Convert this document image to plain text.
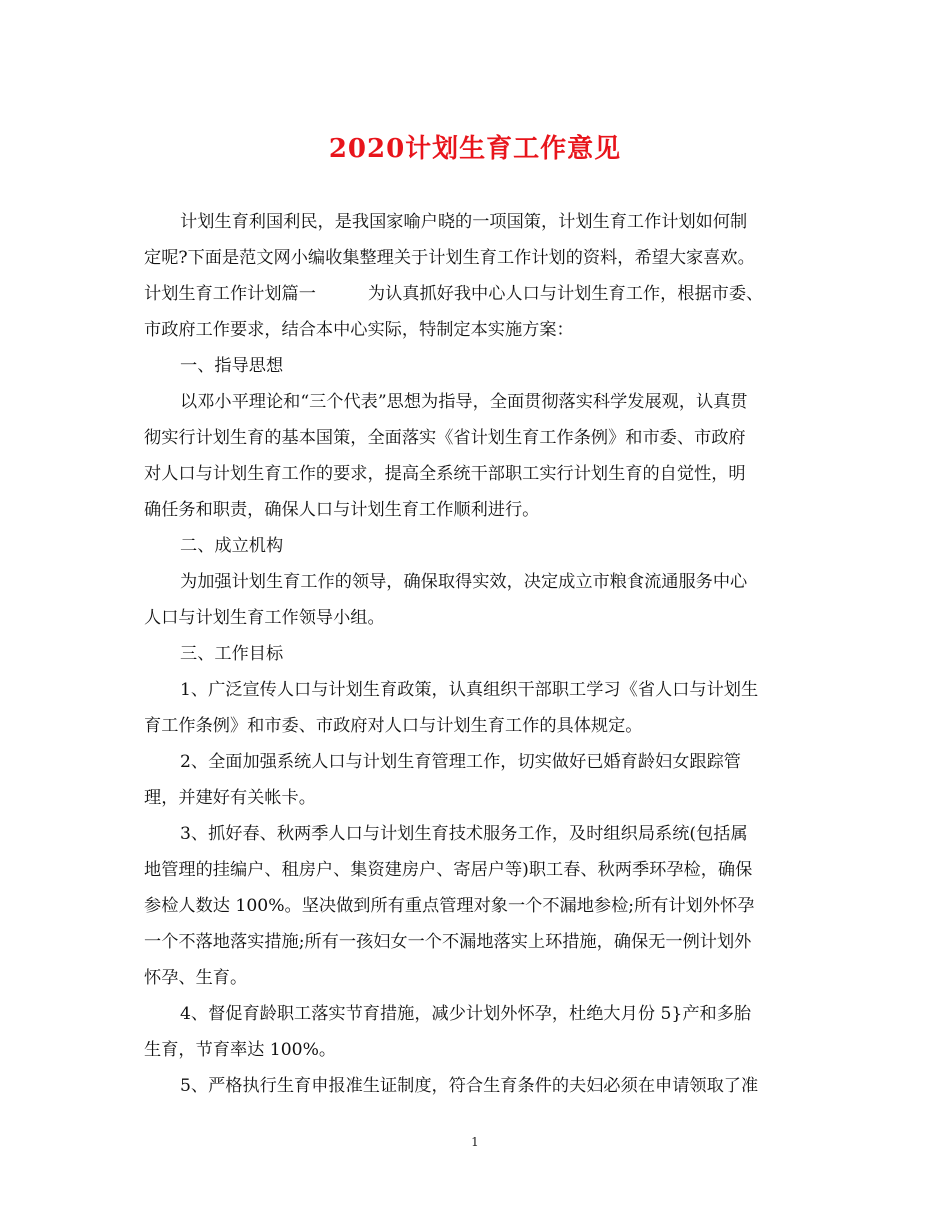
2020计划生育工作意见
计划生育利国利民，是我国家喻户晓的一项国策，计划生育工作计划如何制
定呢?下面是范文网小编收集整理关于计划生育工作计划的资料，希望大家喜欢。
计划生育工作计划篇一	为认真抓好我中心人口与计划生育工作，根据市委、
市政府工作要求，结合本中心实际，特制定本实施方案：
一、指导思想
以邓小平理论和“三个代表”思想为指导，全面贯彻落实科学发展观，认真贯
彻实行计划生育的基本国策，全面落实《省计划生育工作条例》和市委、市政府
对人口与计划生育工作的要求，提高全系统干部职工实行计划生育的自觉性，明
确任务和职责，确保人口与计划生育工作顺利进行。
二、成立机构
为加强计划生育工作的领导，确保取得实效，决定成立市粮食流通服务中心
人口与计划生育工作领导小组。
三、工作目标
1、广泛宣传人口与计划生育政策，认真组织干部职工学习《省人口与计划生
育工作条例》和市委、市政府对人口与计划生育工作的具体规定。
2、全面加强系统人口与计划生育管理工作，切实做好已婚育龄妇女跟踪管
理，并建好有关帐卡。
3、抓好春、秋两季人口与计划生育技术服务工作，及时组织局系统(包括属
地管理的挂编户、租房户、集资建房户、寄居户等)职工春、秋两季环孕检，确保
参检人数达 100%。坚决做到所有重点管理对象一个不漏地参检;所有计划外怀孕
一个不落地落实措施;所有一孩妇女一个不漏地落实上环措施，确保无一例计划外
怀孕、生育。
4、督促育龄职工落实节育措施，减少计划外怀孕，杜绝大月份 5}产和多胎
生育，节育率达 100%。
5、严格执行生育申报准生证制度，符合生育条件的夫妇必须在申请领取了准
1
